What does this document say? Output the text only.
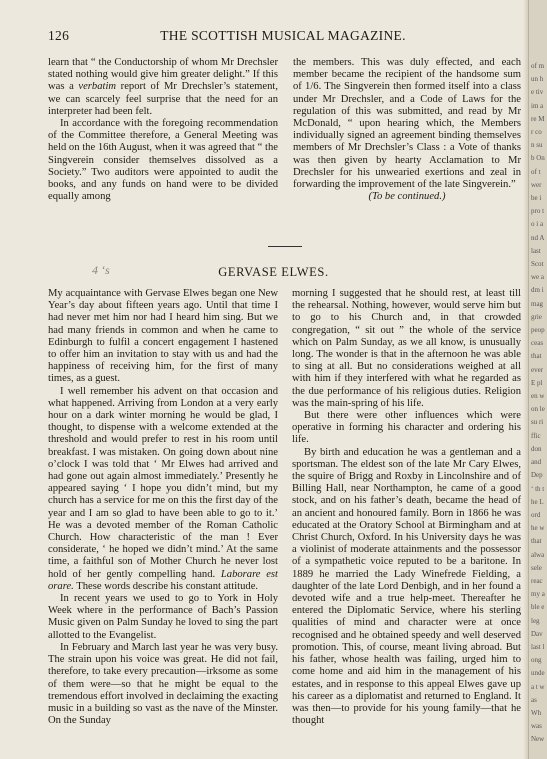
126	THE SCOTTISH MUSICAL MAGAZINE.

learn that “ the Conductorship of whom Mr Drechsler stated nothing would give him greater delight.” If this was a verbatim report of Mr Drechsler’s statement, we can scarcely feel surprise that the need for an interpreter had been felt.

In accordance with the foregoing recommendation of the Committee therefore, a General Meeting was held on the 16th August, when it was agreed that “ the Singverein consider themselves dissolved as a Society.” Two auditors were appointed to audit the books, and any funds on hand were to be divided equally among

the members. This was duly effected, and each member became the recipient of the handsome sum of 1/6. The Singverein then formed itself into a class under Mr Drechsler, and a Code of Laws for the regulation of this was submitted, and read by Mr McDonald, “ upon hearing which, the Members individually signed an agreement binding themselves members of Mr Drechsler’s Class : a Vote of thanks was then given by hearty Acclamation to Mr Drechsler for his unwearied exertions and zeal in forwarding the improvement of the late Singverein.”

(To be continued.)

4 ‘s	GERVASE ELWES.

My acquaintance with Gervase Elwes began one New Year’s day about fifteen years ago. Until that time I had never met him nor had I heard him sing. But we had many friends in common and when he came to Edinburgh to fulfil a concert engagement I hastened to offer him an invitation to stay with us and had the happiness of receiving him, for the first of many times, as a guest.

I well remember his advent on that occasion and what happened. Arriving from London at a very early hour on a dark winter morning he would be glad, I thought, to dispense with a welcome extended at the threshold and would prefer to rest in his room until breakfast. I was mistaken. On going down about nine o’clock I was told that ‘ Mr Elwes had arrived and had gone out again almost immediately.’ Presently he appeared saying ‘ I hope you didn’t mind, but my church has a service for me on this the first day of the year and I am so glad to have been able to go to it.’ He was a devoted member of the Roman Catholic Church. How characteristic of the man ! Ever considerate, ‘ he hoped we didn’t mind.’ At the same time, a faithful son of Mother Church he never lost hold of her gently compelling hand. Laborare est orare. These words describe his constant attitude.

In recent years we used to go to York in Holy Week where in the performance of Bach’s Passion Music given on Palm Sunday he loved to sing the part allotted to the Evangelist.

In February and March last year he was very busy. The strain upon his voice was great. He did not fail, therefore, to take every precaution—irksome as some of them were—so that he might be equal to the tremendous effort involved in declaiming the exacting music in a building so vast as the nave of the Minster. On the Sunday

morning I suggested that he should rest, at least till the rehearsal. Nothing, however, would serve him but to go to his Church and, in that crowded congregation, “ sit out ” the whole of the service which on Palm Sunday, as we all know, is unusually long. The wonder is that in the afternoon he was able to sing at all. But no considerations weighed at all with him if they interfered with what he regarded as the due performance of his religious duties. Religion was the main-spring of his life.

But there were other influences which were operative in forming his character and ordering his life.

By birth and education he was a gentleman and a sportsman. The eldest son of the late Mr Cary Elwes, the squire of Brigg and Roxby in Lincolnshire and of Billing Hall, near Northampton, he came of a good stock, and on his father’s death, became the head of an ancient and honoured family. Born in 1866 he was educated at the Oratory School at Birmingham and at Christ Church, Oxford. In his University days he was a violinist of moderate attainments and the possessor of a sympathetic voice reputed to be a baritone. In 1889 he married the Lady Winefrede Fielding, a daughter of the late Lord Denbigh, and in her found a devoted wife and a true help-meet. Thereafter he entered the Diplomatic Service, where his sterling qualities of mind and character were at once recognised and he obtained speedy and well deserved promotion. This, of course, meant living abroad. But his father, whose health was failing, urged him to come home and aid him in the management of his estates, and in response to this appeal Elwes gave up his career as a diplomatist and returned to England. It was then—to provide for his young family—that he thought

of m un he tiv im are Mr con sub On of t wer be i pro to i and A last Scot we adm imag grie peop ceas that ever E plen won lesu riffic don and Dep ‘ th the Lord he w that alwa sele reac my able eleg Dav last long unde a t was Wh was New
